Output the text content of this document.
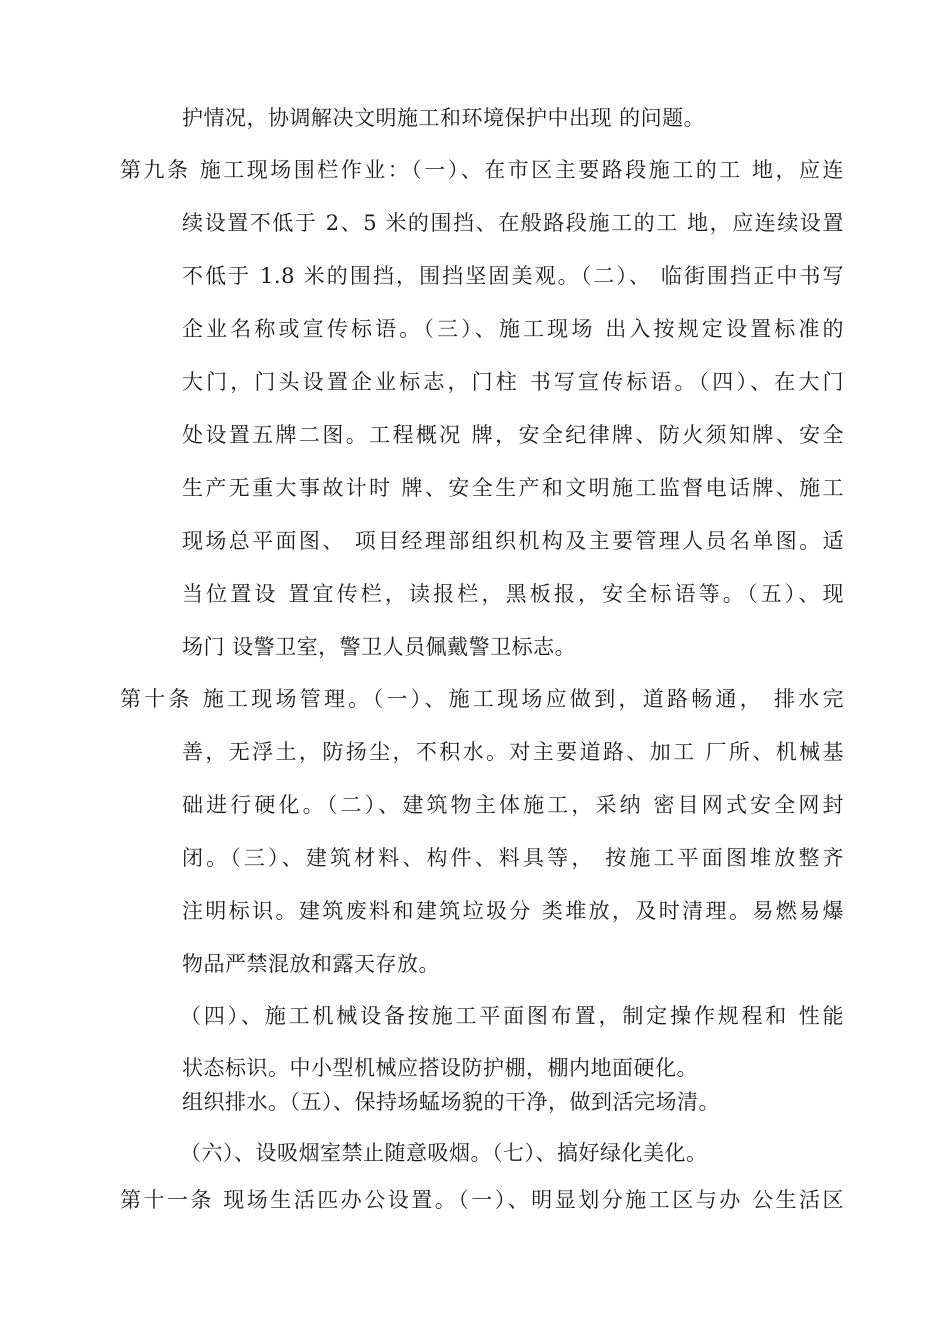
护情况，协调解决文明施工和环境保护中出现 的问题。

第九条 施工现场围栏作业：（一）、在市区主要路段施工的工 地，应连

续设置不低于 2、5 米的围挡、在般路段施工的工 地，应连续设置

不低于 1.8 米的围挡，围挡坚固美观。（二）、 临街围挡正中书写

企业名称或宣传标语。（三）、施工现场 出入按规定设置标准的

大门，门头设置企业标志，门柱 书写宣传标语。（四）、在大门

处设置五牌二图。工程概况 牌，安全纪律牌、防火须知牌、安全

生产无重大事故计时 牌、安全生产和文明施工监督电话牌、施工

现场总平面图、 项目经理部组织机构及主要管理人员名单图。适

当位置设 置宜传栏，读报栏，黑板报，安全标语等。（五）、现

场门 设警卫室，警卫人员佩戴警卫标志。

第十条 施工现场管理。（一）、施工现场应做到，道路畅通， 排水完

善，无浮土，防扬尘，不积水。对主要道路、加工 厂所、机械基

础进行硬化。（二）、建筑物主体施工，采纳 密目网式安全网封

闭。（三）、建筑材料、构件、料具等， 按施工平面图堆放整齐

注明标识。建筑废料和建筑垃圾分 类堆放，及时清理。易燃易爆

物品严禁混放和露天存放。

（四）、施工机械设备按施工平面图布置，制定操作规程和 性能

状态标识。中小型机械应搭设防护棚，棚内地面硬化。

组织排水。（五）、保持场蜢场貌的干净，做到活完场清。

（六）、设吸烟室禁止随意吸烟。（七）、搞好绿化美化。

第十一条 现场生活匹办公设置。（一）、明显划分施工区与办 公生活区
